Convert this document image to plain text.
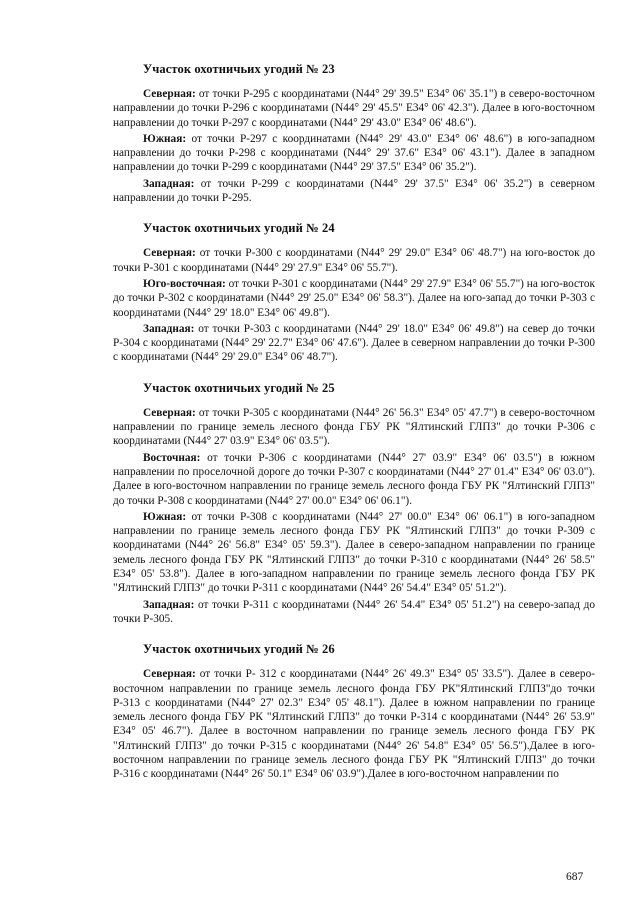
Участок охотничьих угодий № 23

Северная: от точки Р-295 с координатами (N44° 29' 39.5" E34° 06' 35.1") в северо-восточном направлении до точки Р-296 с координатами (N44° 29' 45.5" E34° 06' 42.3"). Далее в юго-восточном направлении до точки Р-297 с координатами (N44° 29' 43.0" E34° 06' 48.6").

Южная: от точки Р-297 с координатами (N44° 29' 43.0" E34° 06' 48.6") в юго-западном направлении до точки Р-298 с координатами (N44° 29' 37.6" E34° 06' 43.1"). Далее в западном направлении до точки Р-299 с координатами (N44° 29' 37.5" E34° 06' 35.2").

Западная: от точки Р-299 с координатами (N44° 29' 37.5" E34° 06' 35.2") в северном направлении до точки Р-295.

Участок охотничьих угодий № 24

Северная: от точки Р-300 с координатами (N44° 29' 29.0" E34° 06' 48.7") на юго-восток до точки Р-301 с координатами (N44° 29' 27.9" E34° 06' 55.7").

Юго-восточная: от точки Р-301 с координатами (N44° 29' 27.9" E34° 06' 55.7") на юго-восток до точки Р-302 с координатами (N44° 29' 25.0" E34° 06' 58.3"). Далее на юго-запад до точки Р-303 с координатами (N44° 29' 18.0" E34° 06' 49.8").

Западная: от точки Р-303 с координатами (N44° 29' 18.0" E34° 06' 49.8") на север до точки Р-304 с координатами (N44° 29' 22.7" E34° 06' 47.6"). Далее в северном направлении до точки Р-300 с координатами (N44° 29' 29.0" E34° 06' 48.7").

Участок охотничьих угодий № 25

Северная: от точки Р-305 с координатами (N44° 26' 56.3" E34° 05' 47.7") в северо-восточном направлении по границе земель лесного фонда ГБУ РК "Ялтинский ГЛПЗ" до точки Р-306 с координатами (N44° 27' 03.9" E34° 06' 03.5").

Восточная: от точки Р-306 с координатами (N44° 27' 03.9" E34° 06' 03.5") в южном направлении по проселочной дороге до точки Р-307 с координатами (N44° 27' 01.4" E34° 06' 03.0"). Далее в юго-восточном направлении по границе земель лесного фонда ГБУ РК "Ялтинский ГЛПЗ" до точки Р-308 с координатами (N44° 27' 00.0" E34° 06' 06.1").

Южная: от точки Р-308 с координатами (N44° 27' 00.0" E34° 06' 06.1") в юго-западном направлении по границе земель лесного фонда ГБУ РК "Ялтинский ГЛПЗ" до точки Р-309 с координатами (N44° 26' 56.8" E34° 05' 59.3"). Далее в северо-западном направлении по границе земель лесного фонда ГБУ РК "Ялтинский ГЛПЗ" до точки Р-310 с координатами (N44° 26' 58.5" E34° 05' 53.8"). Далее в юго-западном направлении по границе земель лесного фонда ГБУ РК "Ялтинский ГЛПЗ" до точки Р-311 с координатами (N44° 26' 54.4" E34° 05' 51.2").

Западная: от точки Р-311 с координатами (N44° 26' 54.4" E34° 05' 51.2") на северо-запад до точки Р-305.

Участок охотничьих угодий № 26

Северная: от точки Р- 312 с координатами (N44° 26' 49.3" E34° 05' 33.5"). Далее в северо-восточном направлении по границе земель лесного фонда ГБУ РК"Ялтинский ГЛПЗ"до точки Р-313 с координатами (N44° 27' 02.3" E34° 05' 48.1"). Далее в южном направлении по границе земель лесного фонда ГБУ РК "Ялтинский ГЛПЗ" до точки Р-314 с координатами (N44° 26' 53.9" E34° 05' 46.7"). Далее в восточном направлении по границе земель лесного фонда ГБУ РК "Ялтинский ГЛПЗ" до точки Р-315 с координатами (N44° 26' 54.8" E34° 05' 56.5").Далее в юго-восточном направлении по границе земель лесного фонда ГБУ РК "Ялтинский ГЛПЗ" до точки Р-316 с координатами (N44° 26' 50.1" E34° 06' 03.9").Далее в юго-восточном направлении по

687
